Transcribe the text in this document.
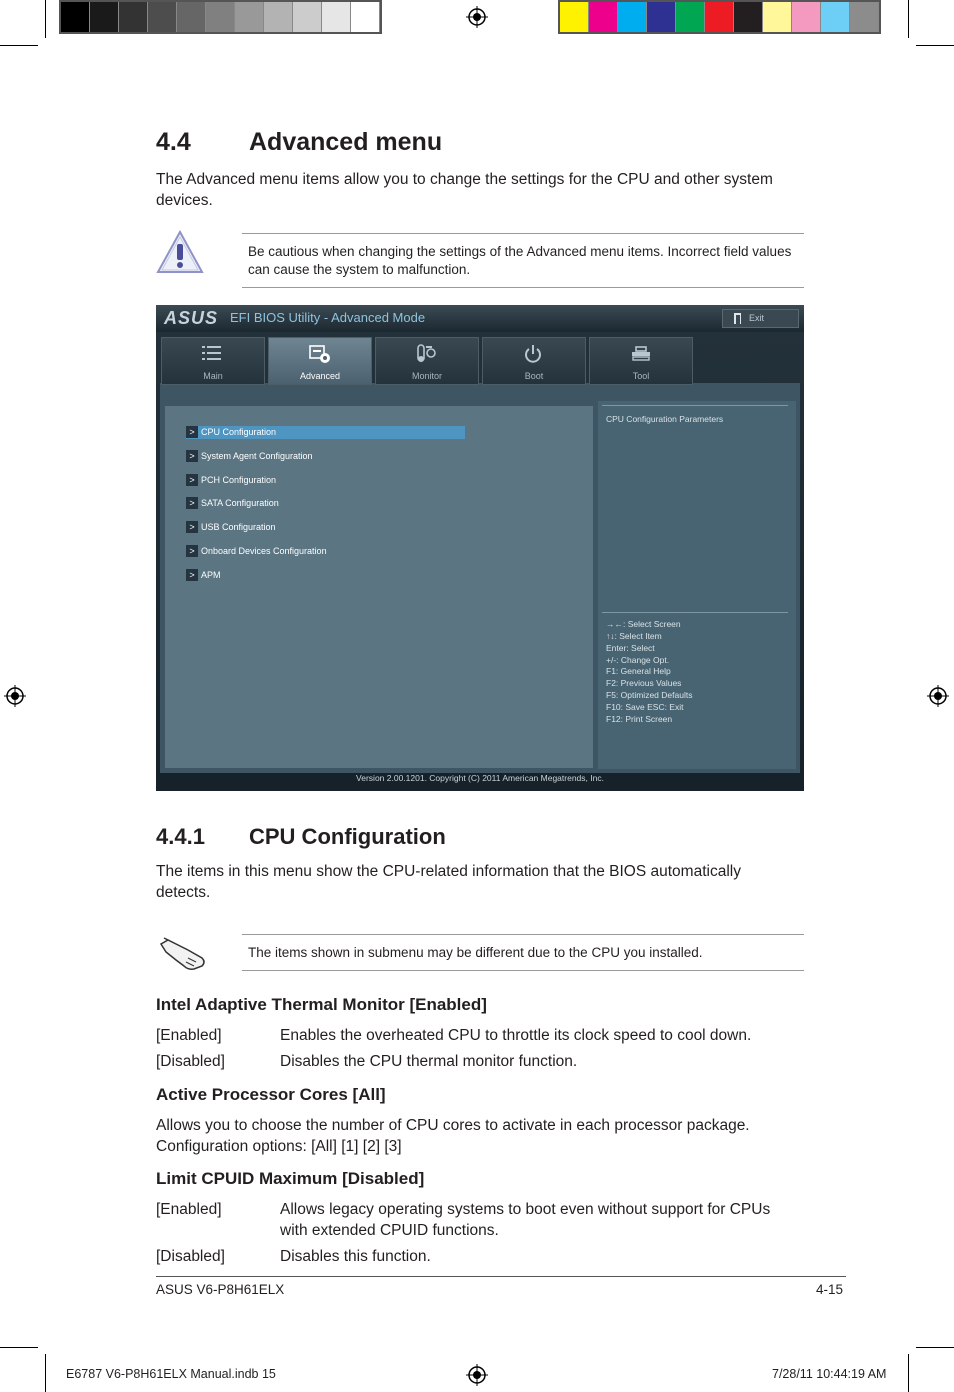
4.4 Advanced menu

The Advanced menu items allow you to change the settings for the CPU and other system devices.

Be cautious when changing the settings of the Advanced menu items. Incorrect field values can cause the system to malfunction.

ASUS EFI BIOS Utility - Advanced Mode	Exit
Main	Advanced	Monitor	Boot	Tool
Version 2.00.1201. Copyright (C) 2011 American Megatrends, Inc.
> CPU Configuration
> System Agent Configuration
> PCH Configuration
> SATA Configuration
> USB Configuration
> Onboard Devices Configuration
> APM
CPU Configuration Parameters
→←: Select Screen
↑↓: Select Item
Enter: Select
+/-: Change Opt.
F1: General Help
F2: Previous Values
F5: Optimized Defaults
F10: Save ESC: Exit
F12: Print Screen
4.4.1 CPU Configuration

The items in this menu show the CPU-related information that the BIOS automatically detects.

The items shown in submenu may be different due to the CPU you installed.

Intel Adaptive Thermal Monitor [Enabled]
[Enabled]	Enables the overheated CPU to throttle its clock speed to cool down.
[Disabled]	Disables the CPU thermal monitor function.
Active Processor Cores [All]
Allows you to choose the number of CPU cores to activate in each processor package.
Configuration options: [All] [1] [2] [3]
Limit CPUID Maximum [Disabled]
[Enabled]	Allows legacy operating systems to boot even without support for CPUs
with extended CPUID functions.
[Disabled]	Disables this function.
ASUS V6-P8H61ELX	4-15
E6787 V6-P8H61ELX Manual.indb 15	7/28/11 10:44:19 AM
